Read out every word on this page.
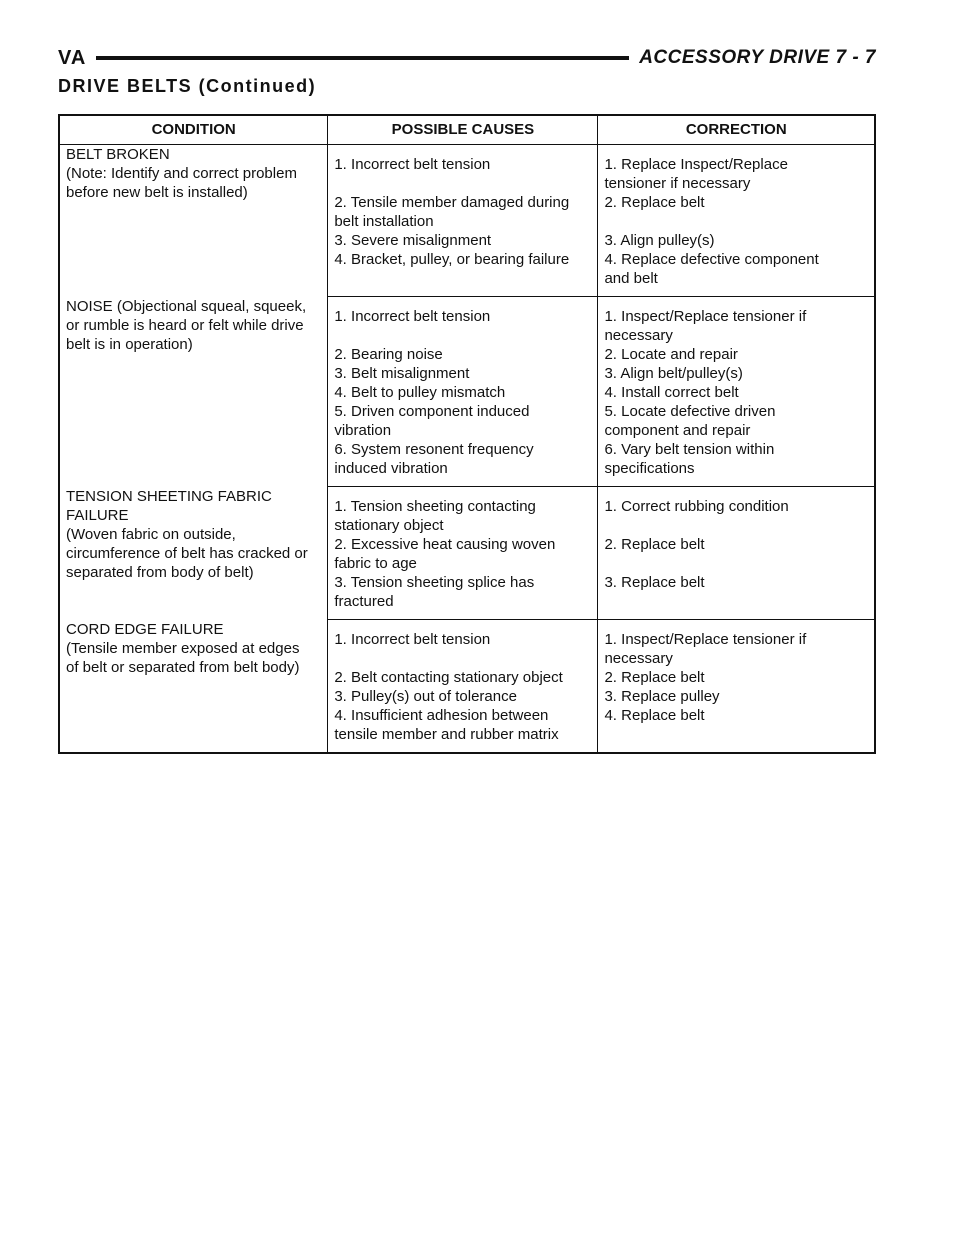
VA	ACCESSORY DRIVE 7 - 7
DRIVE BELTS (Continued)
CONDITION	POSSIBLE CAUSES	CORRECTION

BELT BROKEN
(Note: Identify and correct problem
before new belt is installed)	1. Incorrect belt tension	1. Replace Inspect/Replace
tensioner if necessary

	2. Tensile member damaged during
belt installation	2. Replace belt

	3. Severe misalignment	3. Align pulley(s)

	4. Bracket, pulley, or bearing failure	4. Replace defective component
and belt

NOISE (Objectional squeal, squeek,
or rumble is heard or felt while drive
belt is in operation)	1. Incorrect belt tension	1. Inspect/Replace tensioner if
necessary

	2. Bearing noise	2. Locate and repair

	3. Belt misalignment	3. Align belt/pulley(s)

	4. Belt to pulley mismatch	4. Install correct belt

	5. Driven component induced
vibration	5. Locate defective driven
component and repair

	6. System resonent frequency
induced vibration	6. Vary belt tension within
specifications

TENSION SHEETING FABRIC
FAILURE
(Woven fabric on outside,
circumference of belt has cracked or
separated from body of belt)	1. Tension sheeting contacting
stationary object	1. Correct rubbing condition

	2. Excessive heat causing woven
fabric to age	2. Replace belt

	3. Tension sheeting splice has
fractured	3. Replace belt

CORD EDGE FAILURE
(Tensile member exposed at edges
of belt or separated from belt body)	1. Incorrect belt tension	1. Inspect/Replace tensioner if
necessary

	2. Belt contacting stationary object	2. Replace belt

	3. Pulley(s) out of tolerance	3. Replace pulley

	4. Insufficient adhesion between
tensile member and rubber matrix	4. Replace belt
